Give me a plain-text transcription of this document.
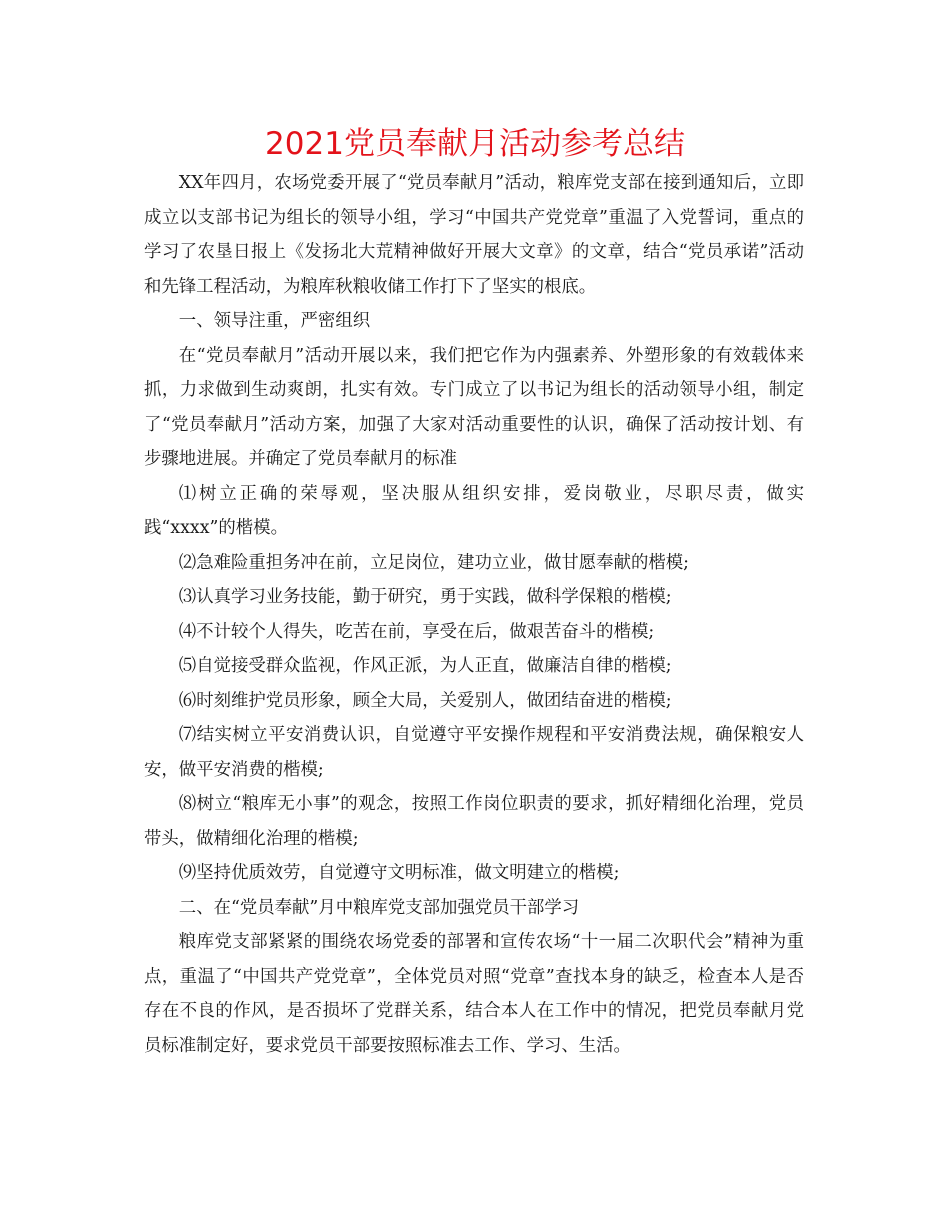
2021党员奉献月活动参考总结

XX年四月，农场党委开展了“党员奉献月”活动，粮库党支部在接到通知后，立即成立以支部书记为组长的领导小组，学习“中国共产党党章”重温了入党誓词，重点的学习了农垦日报上《发扬北大荒精神做好开展大文章》的文章，结合“党员承诺”活动和先锋工程活动，为粮库秋粮收储工作打下了坚实的根底。

一、领导注重，严密组织

在“党员奉献月”活动开展以来，我们把它作为内强素养、外塑形象的有效载体来抓，力求做到生动爽朗，扎实有效。专门成立了以书记为组长的活动领导小组，制定了“党员奉献月”活动方案，加强了大家对活动重要性的认识，确保了活动按计划、有步骤地进展。并确定了党员奉献月的标准

⑴树立正确的荣辱观，坚决服从组织安排，爱岗敬业，尽职尽责，做实践“xxxx”的楷模。

⑵急难险重担务冲在前，立足岗位，建功立业，做甘愿奉献的楷模;

⑶认真学习业务技能，勤于研究，勇于实践，做科学保粮的楷模;

⑷不计较个人得失，吃苦在前，享受在后，做艰苦奋斗的楷模;

⑸自觉接受群众监视，作风正派，为人正直，做廉洁自律的楷模;

⑹时刻维护党员形象，顾全大局，关爱别人，做团结奋进的楷模;

⑺结实树立平安消费认识，自觉遵守平安操作规程和平安消费法规，确保粮安人安，做平安消费的楷模;

⑻树立“粮库无小事”的观念，按照工作岗位职责的要求，抓好精细化治理，党员带头，做精细化治理的楷模;

⑼坚持优质效劳，自觉遵守文明标准，做文明建立的楷模;

二、在“党员奉献”月中粮库党支部加强党员干部学习

粮库党支部紧紧的围绕农场党委的部署和宣传农场“十一届二次职代会”精神为重点，重温了“中国共产党党章”，全体党员对照“党章”查找本身的缺乏，检查本人是否存在不良的作风，是否损坏了党群关系，结合本人在工作中的情况，把党员奉献月党员标准制定好，要求党员干部要按照标准去工作、学习、生活。
